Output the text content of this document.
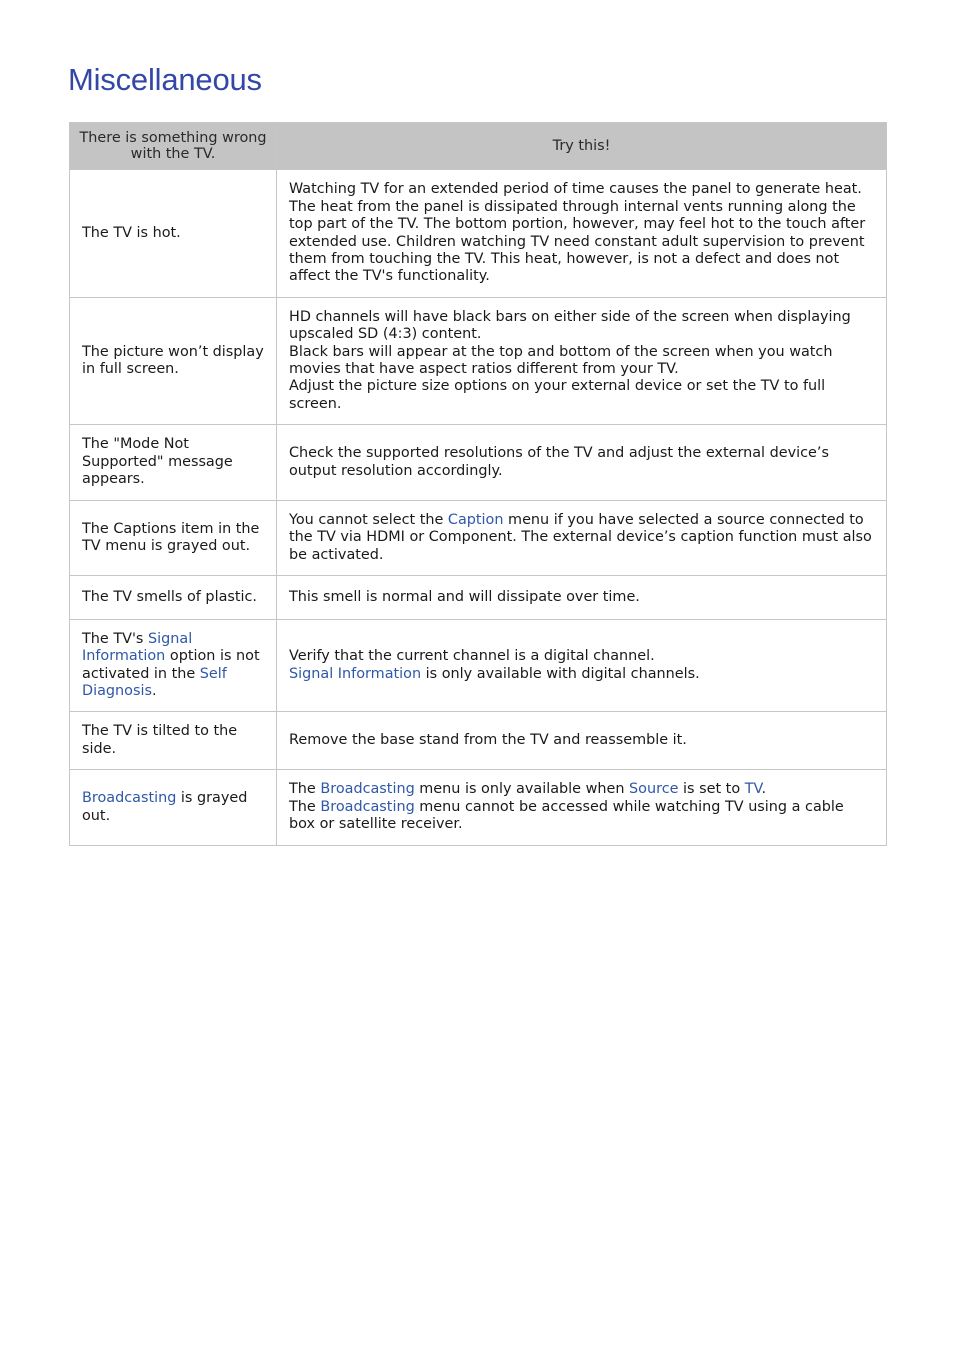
Miscellaneous
There is something wrong with the TV.	Try this!
The TV is hot.	Watching TV for an extended period of time causes the panel to generate heat. The heat from the panel is dissipated through internal vents running along the top part of the TV. The bottom portion, however, may feel hot to the touch after extended use. Children watching TV need constant adult supervision to prevent them from touching the TV. This heat, however, is not a defect and does not affect the TV's functionality.
The picture won’t display in full screen.	HD channels will have black bars on either side of the screen when displaying upscaled SD (4:3) content.
Black bars will appear at the top and bottom of the screen when you watch movies that have aspect ratios different from your TV.
Adjust the picture size options on your external device or set the TV to full screen.

The "Mode Not Supported" message appears.	Check the supported resolutions of the TV and adjust the external device’s output resolution accordingly.
The Captions item in the TV menu is grayed out.	You cannot select the Caption menu if you have selected a source connected to the TV via HDMI or Component. The external device’s caption function must also be activated.
The TV smells of plastic.	This smell is normal and will dissipate over time.
The TV's Signal Information option is not activated in the Self Diagnosis.	Verify that the current channel is a digital channel.
Signal Information is only available with digital channels.

The TV is tilted to the side.	Remove the base stand from the TV and reassemble it.
Broadcasting is grayed out.	The Broadcasting menu is only available when Source is set to TV.
The Broadcasting menu cannot be accessed while watching TV using a cable box or satellite receiver.
